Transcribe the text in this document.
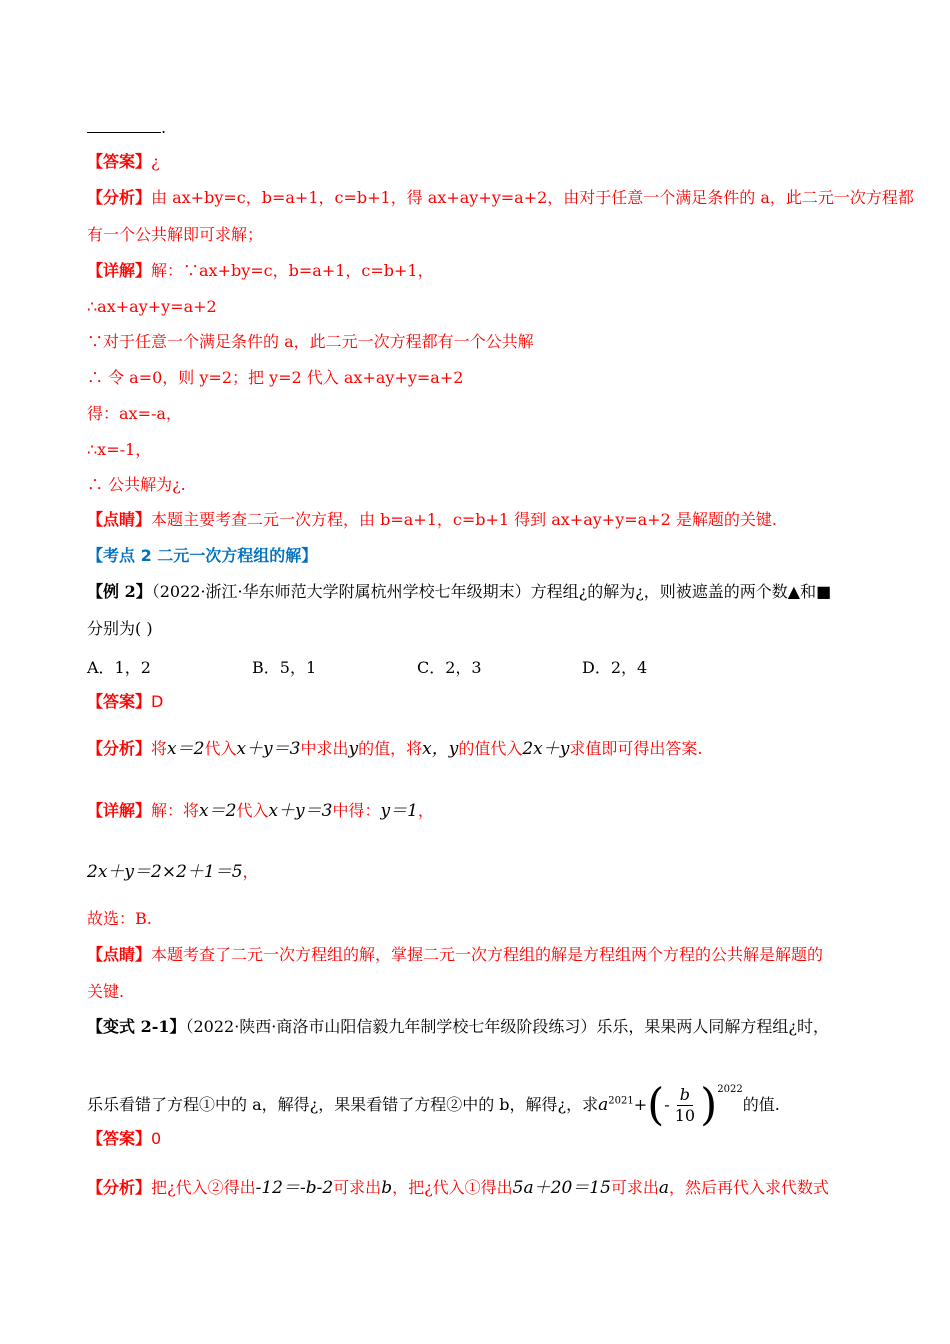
.
【答案】¿
【分析】由 ax+by=c，b=a+1，c=b+1，得 ax+ay+y=a+2，由对于任意一个满足条件的 a，此二元一次方程都
有一个公共解即可求解；
【详解】解：∵ax+by=c，b=a+1，c=b+1，
∴ax+ay+y=a+2
∵对于任意一个满足条件的 a，此二元一次方程都有一个公共解
∴ 令 a=0，则 y=2；把 y=2 代入 ax+ay+y=a+2
得：ax=-a，
∴x=-1，
∴ 公共解为¿.
【点睛】本题主要考查二元一次方程，由 b=a+1，c=b+1 得到 ax+ay+y=a+2 是解题的关键.
【考点 2 二元一次方程组的解】
【例 2】（2022·浙江·华东师范大学附属杭州学校七年级期末）方程组¿的解为¿，则被遮盖的两个数▲和■
分别为( )
A．1，2	B．5，1	C．2，3	D．2，4
【答案】D
【分析】将x＝2代入x＋y＝3中求出y的值，将x，y的值代入2x＋y求值即可得出答案.
【详解】解：将x＝2代入x＋y＝3中得：y＝1，
2x＋y＝2×2＋1＝5，
故选：B.
【点睛】本题考查了二元一次方程组的解，掌握二元一次方程组的解是方程组两个方程的公共解是解题的
关键.
【变式 2-1】（2022·陕西·商洛市山阳信毅九年制学校七年级阶段练习）乐乐，果果两人同解方程组¿时，
乐乐看错了方程①中的 a，解得¿，果果看错了方程②中的 b，解得¿，求$a^{2021}+(- \frac{b}{10} )^{2022}$的值.
【答案】0
【分析】把¿代入②得出-12＝-b-2可求出b，把¿代入①得出5a＋20＝15可求出a，然后再代入求代数式
